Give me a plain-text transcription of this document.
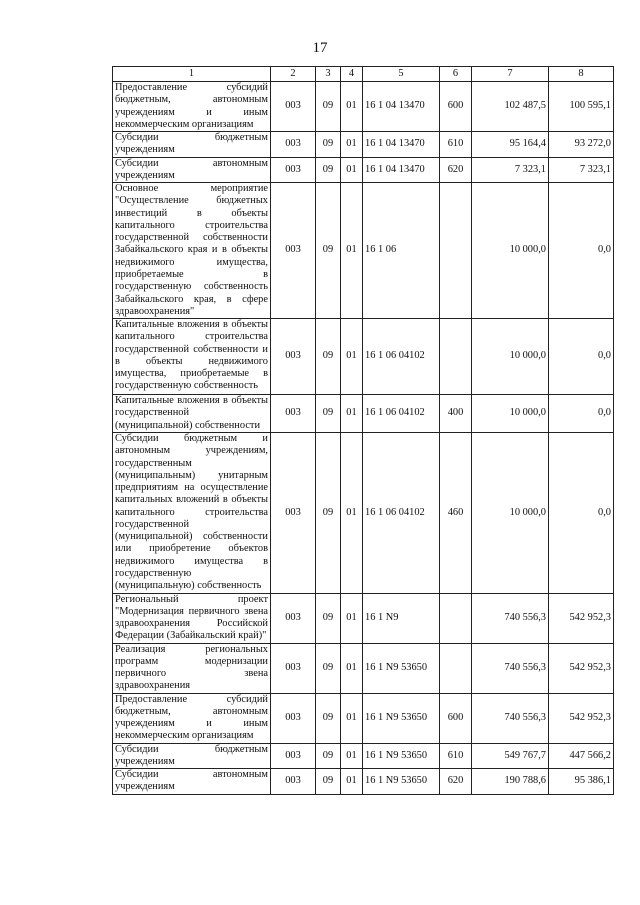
17
1	2	3	4	5	6	7	8
Предоставление субсидий бюджетным, автономным учреждениям и иным некоммерческим организациям	003	09	01	16 1 04 13470	600	102 487,5	100 595,1
Субсидии бюджетным учреждениям	003	09	01	16 1 04 13470	610	95 164,4	93 272,0
Субсидии автономным учреждениям	003	09	01	16 1 04 13470	620	7 323,1	7 323,1
Основное мероприятие "Осуществление бюджетных инвестиций в объекты капитального строительства государственной собственности Забайкальского края и в объекты недвижимого имущества, приобретаемые в государственную собственность Забайкальского края, в сфере здравоохранения"	003	09	01	16 1 06		10 000,0	0,0
Капитальные вложения в объекты капитального строительства государственной собственности и в объекты недвижимого имущества, приобретаемые в государственную собственность	003	09	01	16 1 06 04102		10 000,0	0,0
Капитальные вложения в объекты государственной (муниципальной) собственности	003	09	01	16 1 06 04102	400	10 000,0	0,0
Субсидии бюджетным и автономным учреждениям, государственным (муниципальным) унитарным предприятиям на осуществление капитальных вложений в объекты капитального строительства государственной (муниципальной) собственности или приобретение объектов недвижимого имущества в государственную (муниципальную) собственность	003	09	01	16 1 06 04102	460	10 000,0	0,0
Региональный проект "Модернизация первичного звена здравоохранения Российской Федерации (Забайкальский край)"	003	09	01	16 1 N9		740 556,3	542 952,3
Реализация региональных программ модернизации первичного звена здравоохранения	003	09	01	16 1 N9 53650		740 556,3	542 952,3
Предоставление субсидий бюджетным, автономным учреждениям и иным некоммерческим организациям	003	09	01	16 1 N9 53650	600	740 556,3	542 952,3
Субсидии бюджетным учреждениям	003	09	01	16 1 N9 53650	610	549 767,7	447 566,2
Субсидии автономным учреждениям	003	09	01	16 1 N9 53650	620	190 788,6	95 386,1
